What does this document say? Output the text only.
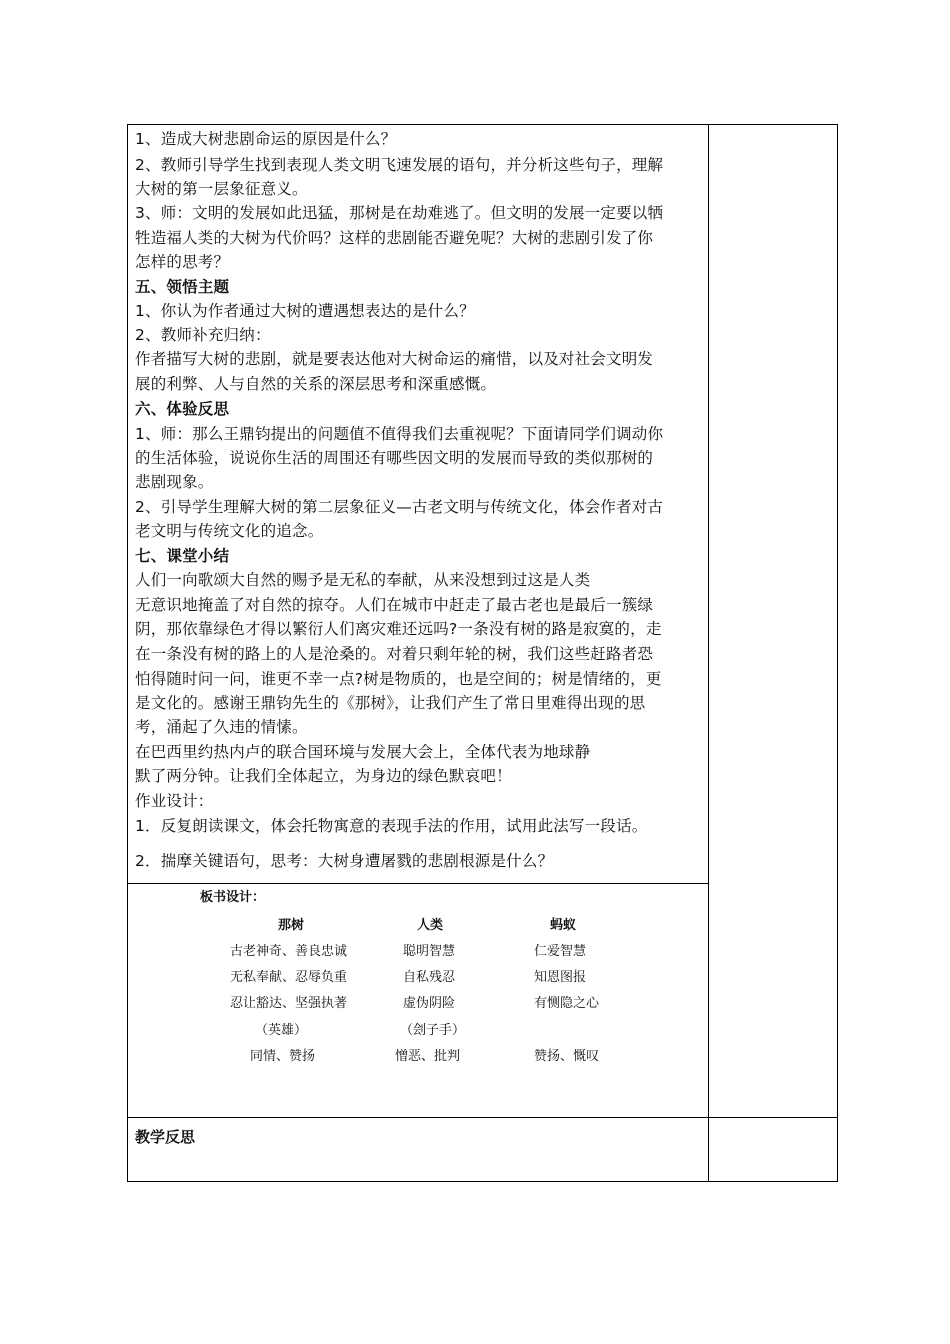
1、造成大树悲剧命运的原因是什么？
2、教师引导学生找到表现人类文明飞速发展的语句，并分析这些句子，理解
大树的第一层象征意义。
3、师：文明的发展如此迅猛，那树是在劫难逃了。但文明的发展一定要以牺
牲造福人类的大树为代价吗？这样的悲剧能否避免呢？大树的悲剧引发了你
怎样的思考？
五、领悟主题
1、你认为作者通过大树的遭遇想表达的是什么？
2、教师补充归纳：
作者描写大树的悲剧，就是要表达他对大树命运的痛惜，以及对社会文明发
展的利弊、人与自然的关系的深层思考和深重感慨。
六、体验反思
1、师：那么王鼎钧提出的问题值不值得我们去重视呢？下面请同学们调动你
的生活体验，说说你生活的周围还有哪些因文明的发展而导致的类似那树的
悲剧现象。
2、引导学生理解大树的第二层象征义—古老文明与传统文化，体会作者对古
老文明与传统文化的追念。
七、课堂小结
人们一向歌颂大自然的赐予是无私的奉献，从来没想到过这是人类
无意识地掩盖了对自然的掠夺。人们在城市中赶走了最古老也是最后一簇绿
阴，那依靠绿色才得以繁衍人们离灾难还远吗?一条没有树的路是寂寞的，走
在一条没有树的路上的人是沧桑的。对着只剩年轮的树，我们这些赶路者恐
怕得随时问一问，谁更不幸一点?树是物质的，也是空间的；树是情绪的，更
是文化的。感谢王鼎钧先生的《那树》，让我们产生了常日里难得出现的思
考，涌起了久违的情愫。
在巴西里约热内卢的联合国环境与发展大会上，全体代表为地球静
默了两分钟。让我们全体起立，为身边的绿色默哀吧！
作业设计：
1．反复朗读课文，体会托物寓意的表现手法的作用，试用此法写一段话。
2．揣摩关键语句，思考：大树身遭屠戮的悲剧根源是什么？
板书设计：
那树	人类	蚂蚁
古老神奇、善良忠诚	聪明智慧	仁爱智慧
无私奉献、忍辱负重	自私残忍	知恩图报
忍让豁达、坚强执著	虚伪阴险	有恻隐之心
（英雄）	（刽子手）
同情、赞扬	憎恶、批判	赞扬、慨叹
教学反思
